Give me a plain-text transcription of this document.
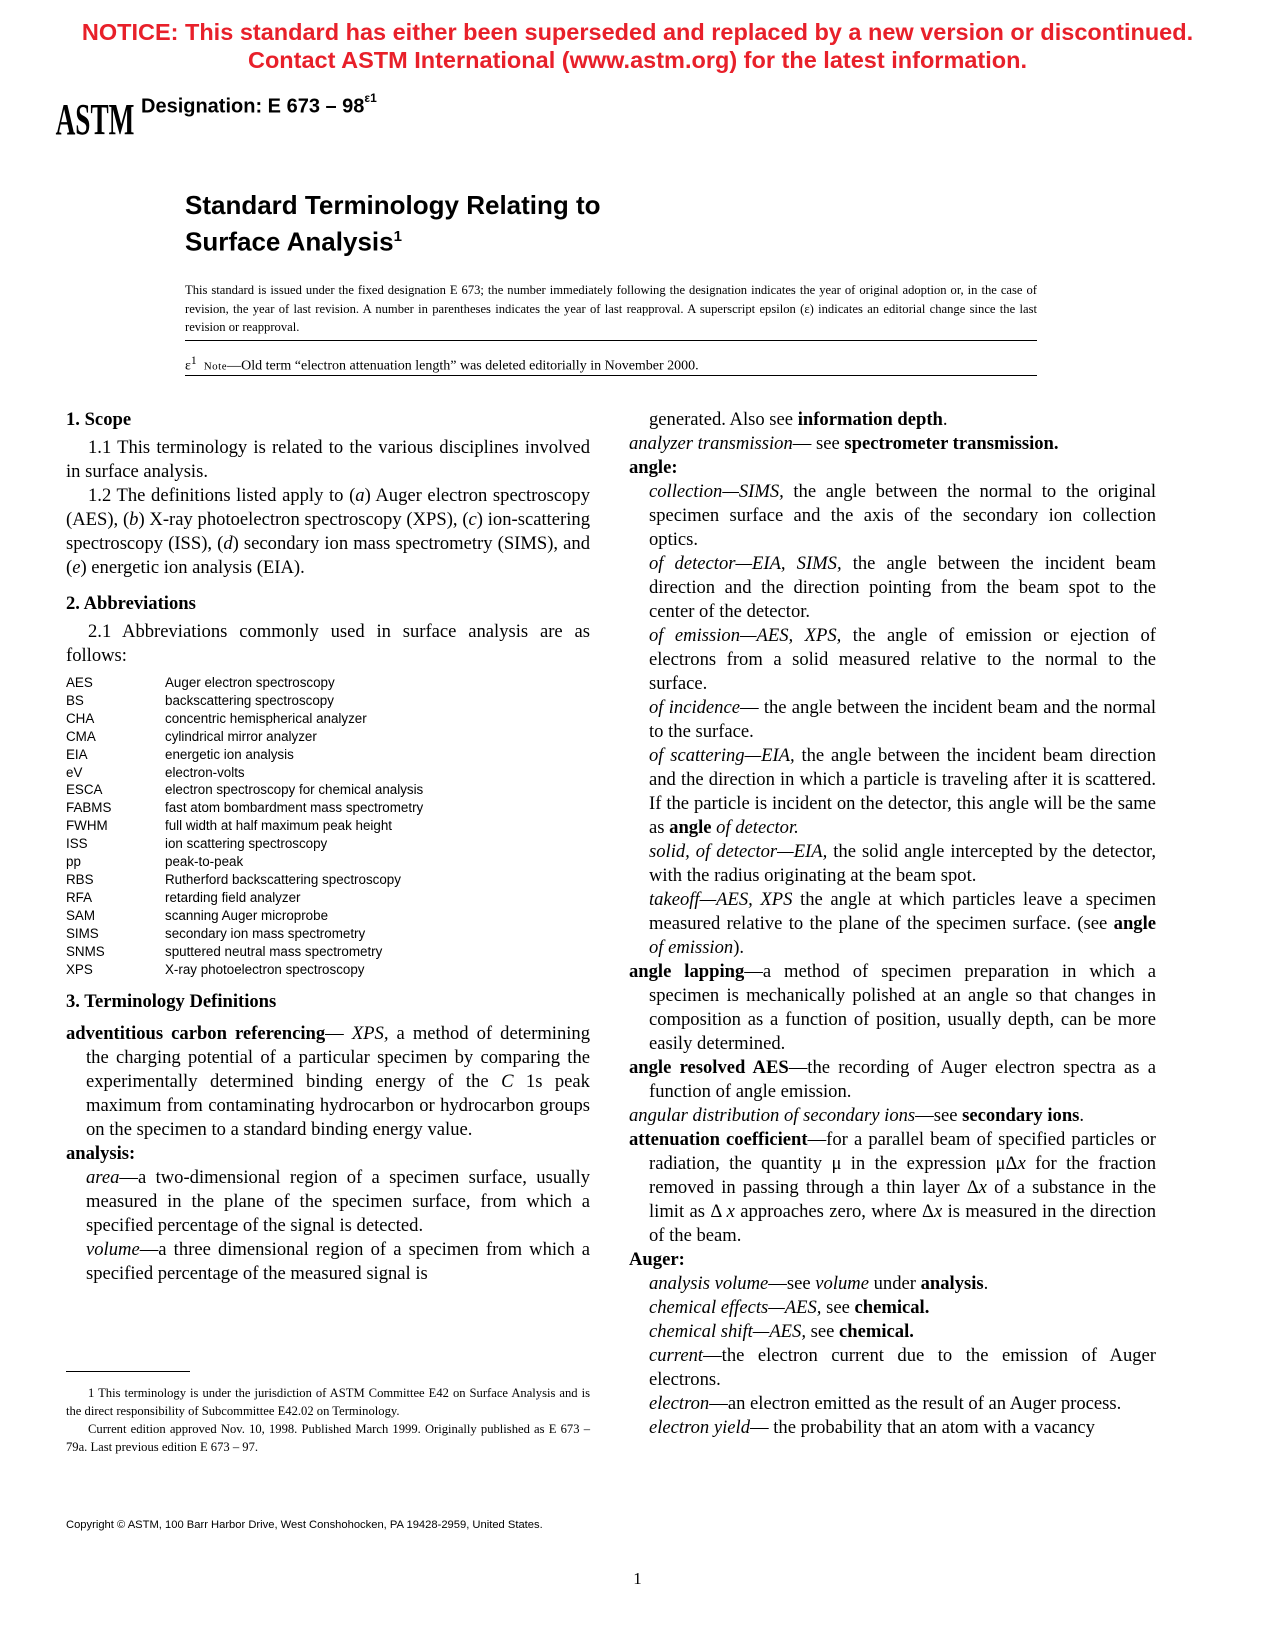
NOTICE: This standard has either been superseded and replaced by a new version or discontinued.
Contact ASTM International (www.astm.org) for the latest information.
ASTM Designation: E $673 - 98^{\varepsilon 1}$
Standard Terminology Relating to
Surface Analysis$^1$
This standard is issued under the fixed designation E 673; the number immediately following the designation indicates the year of original adoption or, in the case of revision, the year of last revision. A number in parentheses indicates the year of last reapproval. A superscript epsilon (ε) indicates an editorial change since the last revision or reapproval.
$\varepsilon^1$ Note—Old term “electron attenuation length” was deleted editorially in November 2000.
1. Scope

1.1 This terminology is related to the various disciplines involved in surface analysis.

1.2 The definitions listed apply to (a) Auger electron spectroscopy (AES), (b) X-ray photoelectron spectroscopy (XPS), (c) ion-scattering spectroscopy (ISS), (d) secondary ion mass spectrometry (SIMS), and (e) energetic ion analysis (EIA).

2. Abbreviations

2.1 Abbreviations commonly used in surface analysis are as follows:

AES	Auger electron spectroscopy
BS	backscattering spectroscopy
CHA	concentric hemispherical analyzer
CMA	cylindrical mirror analyzer
EIA	energetic ion analysis
eV	electron-volts
ESCA	electron spectroscopy for chemical analysis
FABMS	fast atom bombardment mass spectrometry
FWHM	full width at half maximum peak height
ISS	ion scattering spectroscopy
pp	peak-to-peak
RBS	Rutherford backscattering spectroscopy
RFA	retarding field analyzer
SAM	scanning Auger microprobe
SIMS	secondary ion mass spectrometry
SNMS	sputtered neutral mass spectrometry
XPS	X-ray photoelectron spectroscopy
3. Terminology Definitions

adventitious carbon referencing— XPS, a method of determining the charging potential of a particular specimen by comparing the experimentally determined binding energy of the C 1s peak maximum from contaminating hydrocarbon or hydrocarbon groups on the specimen to a standard binding energy value.

analysis:

area—a two-dimensional region of a specimen surface, usually measured in the plane of the specimen surface, from which a specified percentage of the signal is detected.

volume—a three dimensional region of a specimen from which a specified percentage of the measured signal is

generated. Also see information depth.

analyzer transmission— see spectrometer transmission.

angle:

collection—SIMS, the angle between the normal to the original specimen surface and the axis of the secondary ion collection optics.

of detector—EIA, SIMS, the angle between the incident beam direction and the direction pointing from the beam spot to the center of the detector.

of emission—AES, XPS, the angle of emission or ejection of electrons from a solid measured relative to the normal to the surface.

of incidence— the angle between the incident beam and the normal to the surface.

of scattering—EIA, the angle between the incident beam direction and the direction in which a particle is traveling after it is scattered. If the particle is incident on the detector, this angle will be the same as angle of detector.

solid, of detector—EIA, the solid angle intercepted by the detector, with the radius originating at the beam spot.

takeoff—AES, XPS the angle at which particles leave a specimen measured relative to the plane of the specimen surface. (see angle of emission).

angle lapping—a method of specimen preparation in which a specimen is mechanically polished at an angle so that changes in composition as a function of position, usually depth, can be more easily determined.

angle resolved AES—the recording of Auger electron spectra as a function of angle emission.

angular distribution of secondary ions—see secondary ions.

attenuation coefficient—for a parallel beam of specified particles or radiation, the quantity μ in the expression μΔx for the fraction removed in passing through a thin layer Δx of a substance in the limit as Δ x approaches zero, where Δx is measured in the direction of the beam.

Auger:

analysis volume—see volume under analysis.

chemical effects—AES, see chemical.

chemical shift—AES, see chemical.

current—the electron current due to the emission of Auger electrons.

electron—an electron emitted as the result of an Auger process.

electron yield— the probability that an atom with a vacancy

1 This terminology is under the jurisdiction of ASTM Committee E42 on Surface Analysis and is the direct responsibility of Subcommittee E42.02 on Terminology.

Current edition approved Nov. 10, 1998. Published March 1999. Originally published as E 673 – 79a. Last previous edition E 673 – 97.

Copyright © ASTM, 100 Barr Harbor Drive, West Conshohocken, PA 19428-2959, United States.
1
